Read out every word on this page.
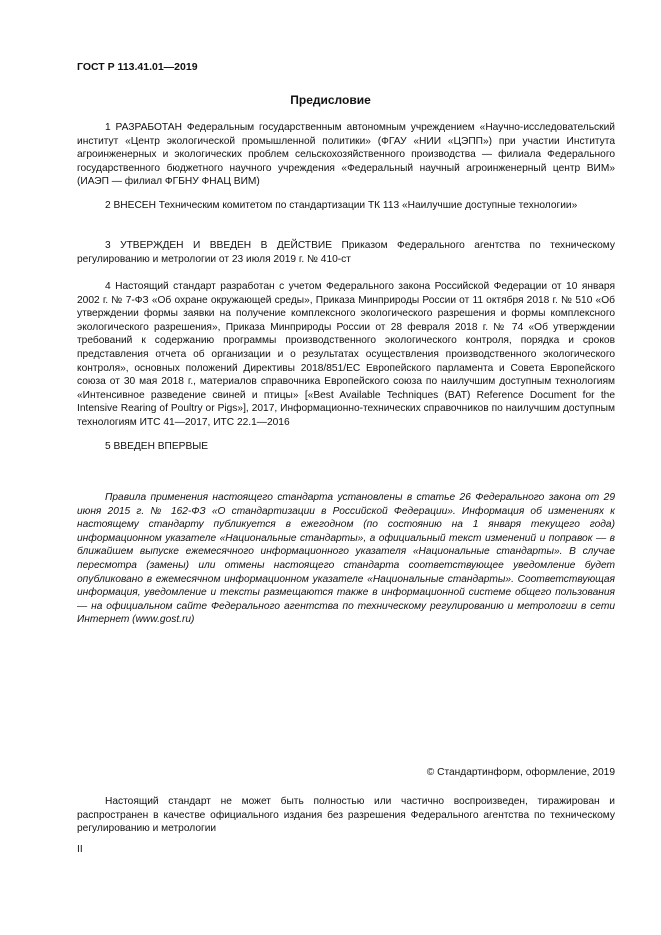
ГОСТ Р 113.41.01—2019
Предисловие
1 РАЗРАБОТАН Федеральным государственным автономным учреждением «Научно-исследовательский институт «Центр экологической промышленной политики» (ФГАУ «НИИ «ЦЭПП») при участии Института агроинженерных и экологических проблем сельскохозяйственного производства — филиала Федерального государственного бюджетного научного учреждения «Федеральный научный агроинженерный центр ВИМ» (ИАЭП — филиал ФГБНУ ФНАЦ ВИМ)
2 ВНЕСЕН Техническим комитетом по стандартизации ТК 113 «Наилучшие доступные технологии»
3 УТВЕРЖДЕН И ВВЕДЕН В ДЕЙСТВИЕ Приказом Федерального агентства по техническому регулированию и метрологии от 23 июля 2019 г. № 410-ст
4 Настоящий стандарт разработан с учетом Федерального закона Российской Федерации от 10 января 2002 г. № 7-ФЗ «Об охране окружающей среды», Приказа Минприроды России от 11 октября 2018 г. № 510 «Об утверждении формы заявки на получение комплексного экологического разрешения и формы комплексного экологического разрешения», Приказа Минприроды России от 28 февраля 2018 г. № 74 «Об утверждении требований к содержанию программы производственного экологического контроля, порядка и сроков представления отчета об организации и о результатах осуществления производственного экологического контроля», основных положений Директивы 2018/851/ЕС Европейского парламента и Совета Европейского союза от 30 мая 2018 г., материалов справочника Европейского союза по наилучшим доступным технологиям «Интенсивное разведение свиней и птицы» [«Best Available Techniques (BAT) Reference Document for the Intensive Rearing of Poultry or Pigs»], 2017, Информационно-технических справочников по наилучшим доступным технологиям ИТС 41—2017, ИТС 22.1—2016
5 ВВЕДЕН ВПЕРВЫЕ
Правила применения настоящего стандарта установлены в статье 26 Федерального закона от 29 июня 2015 г. № 162-ФЗ «О стандартизации в Российской Федерации». Информация об изменениях к настоящему стандарту публикуется в ежегодном (по состоянию на 1 января текущего года) информационном указателе «Национальные стандарты», а официальный текст изменений и поправок — в ближайшем выпуске ежемесячного информационного указателя «Национальные стандарты». В случае пересмотра (замены) или отмены настоящего стандарта соответствующее уведомление будет опубликовано в ежемесячном информационном указателе «Национальные стандарты». Соответствующая информация, уведомление и тексты размещаются также в информационной системе общего пользования — на официальном сайте Федерального агентства по техническому регулированию и метрологии в сети Интернет (www.gost.ru)
© Стандартинформ, оформление, 2019
Настоящий стандарт не может быть полностью или частично воспроизведен, тиражирован и распространен в качестве официального издания без разрешения Федерального агентства по техническому регулированию и метрологии
II
